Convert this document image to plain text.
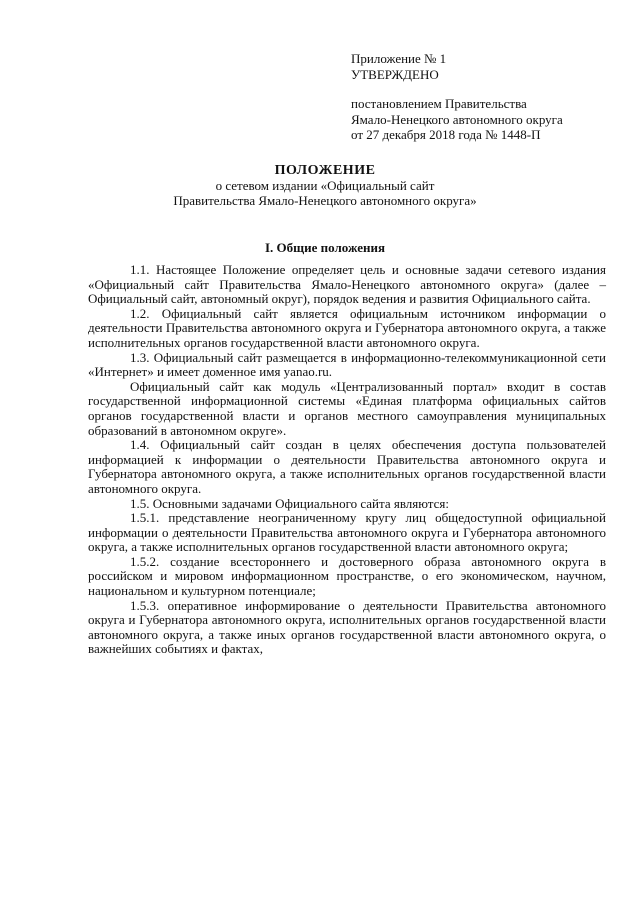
Приложение № 1
УТВЕРЖДЕНО
постановлением Правительства
Ямало-Ненецкого автономного округа
от 27 декабря 2018 года № 1448-П
ПОЛОЖЕНИЕ
о сетевом издании «Официальный сайт
Правительства Ямало-Ненецкого автономного округа»
I. Общие положения

1.1. Настоящее Положение определяет цель и основные задачи сетевого издания «Официальный сайт Правительства Ямало-Ненецкого автономного округа» (далее – Официальный сайт, автономный округ), порядок ведения и развития Официального сайта.

1.2. Официальный сайт является официальным источником информации о деятельности Правительства автономного округа и Губернатора автономного округа, а также исполнительных органов государственной власти автономного округа.

1.3. Официальный сайт размещается в информационно-телекоммуникационной сети «Интернет» и имеет доменное имя yanao.ru.

Официальный сайт как модуль «Централизованный портал» входит в состав государственной информационной системы «Единая платформа официальных сайтов органов государственной власти и органов местного самоуправления муниципальных образований в автономном округе».

1.4. Официальный сайт создан в целях обеспечения доступа пользователей информацией к информации о деятельности Правительства автономного округа и Губернатора автономного округа, а также исполнительных органов государственной власти автономного округа.

1.5. Основными задачами Официального сайта являются:

1.5.1. представление неограниченному кругу лиц общедоступной официальной информации о деятельности Правительства автономного округа и Губернатора автономного округа, а также исполнительных органов государственной власти автономного округа;

1.5.2. создание всестороннего и достоверного образа автономного округа в российском и мировом информационном пространстве, о его экономическом, научном, национальном и культурном потенциале;

1.5.3. оперативное информирование о деятельности Правительства автономного округа и Губернатора автономного округа, исполнительных органов государственной власти автономного округа, а также иных органов государственной власти автономного округа, о важнейших событиях и фактах,
